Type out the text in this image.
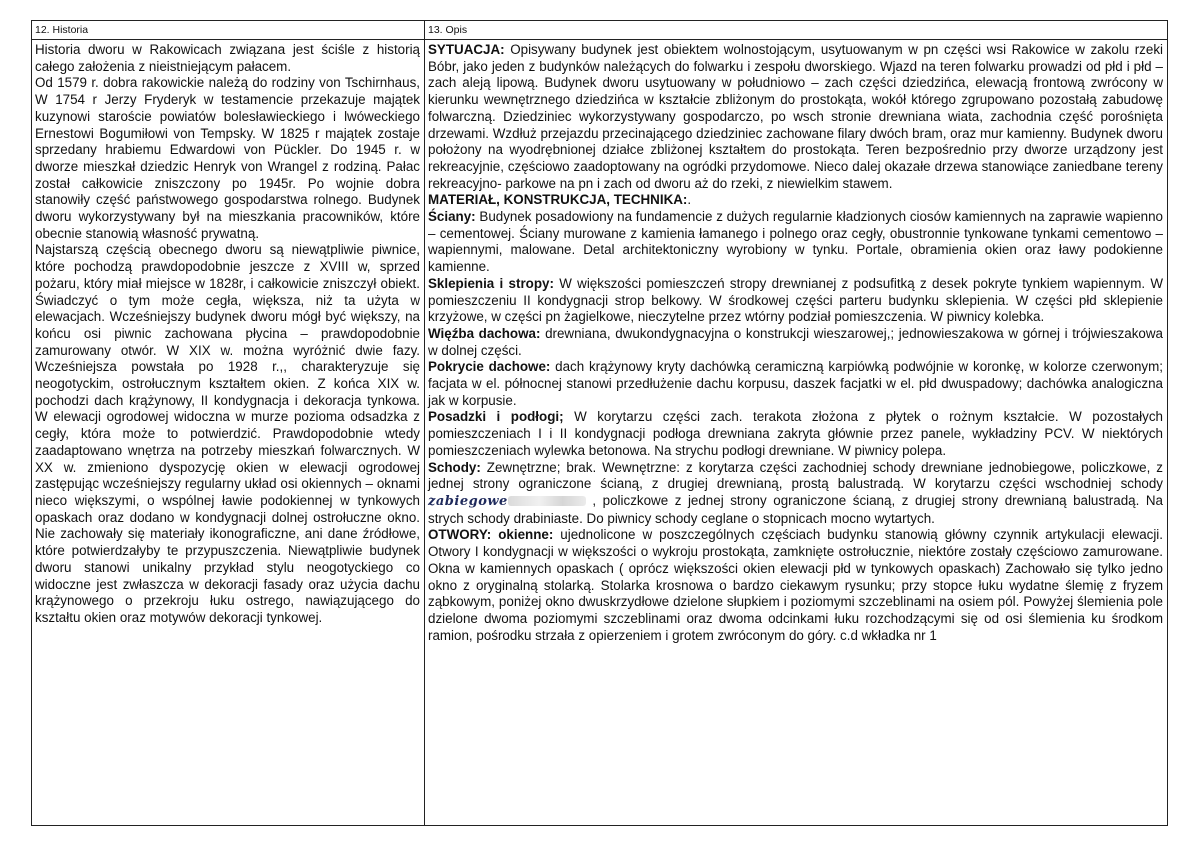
12. Historia

Historia dworu w Rakowicach związana jest ściśle z historią całego założenia z nieistniejącym pałacem.

Od 1579 r. dobra rakowickie należą do rodziny von Tschirnhaus, W 1754 r Jerzy Fryderyk w testamencie przekazuje majątek kuzynowi staroście powiatów bolesławieckiego i lwóweckiego Ernestowi Bogumiłowi von Tempsky. W 1825 r majątek zostaje sprzedany hrabiemu Edwardowi von Pückler. Do 1945 r. w dworze mieszkał dziedzic Henryk von Wrangel z rodziną. Pałac został całkowicie zniszczony po 1945r. Po wojnie dobra stanowiły część państwowego gospodarstwa rolnego. Budynek dworu wykorzystywany był na mieszkania pracowników, które obecnie stanowią własność prywatną.

Najstarszą częścią obecnego dworu są niewątpliwie piwnice, które pochodzą prawdopodobnie jeszcze z XVIII w, sprzed pożaru, który miał miejsce w 1828r, i całkowicie zniszczył obiekt. Świadczyć o tym może cegła, większa, niż ta użyta w elewacjach. Wcześniejszy budynek dworu mógł być większy, na końcu osi piwnic zachowana płycina – prawdopodobnie zamurowany otwór. W XIX w. można wyróżnić dwie fazy. Wcześniejsza powstała po 1928 r.,, charakteryzuje się neogotyckim, ostrołucznym kształtem okien. Z końca XIX w. pochodzi dach krążynowy, II kondygnacja i dekoracja tynkowa. W elewacji ogrodowej widoczna w murze pozioma odsadzka z cegły, która może to potwierdzić. Prawdopodobnie wtedy zaadaptowano wnętrza na potrzeby mieszkań folwarcznych. W XX w. zmieniono dyspozycję okien w elewacji ogrodowej zastępując wcześniejszy regularny układ osi okiennych – oknami nieco większymi, o wspólnej ławie podokiennej w tynkowych opaskach oraz dodano w kondygnacji dolnej ostrołuczne okno. Nie zachowały się materiały ikonograficzne, ani dane źródłowe, które potwierdzałyby te przypuszczenia. Niewątpliwie budynek dworu stanowi unikalny przykład stylu neogotyckiego co widoczne jest zwłaszcza w dekoracji fasady oraz użycia dachu krążynowego o przekroju łuku ostrego, nawiązującego do kształtu okien oraz motywów dekoracji tynkowej.

13. Opis

SYTUACJA: Opisywany budynek jest obiektem wolnostojącym, usytuowanym w pn części wsi Rakowice w zakolu rzeki Bóbr, jako jeden z budynków należących do folwarku i zespołu dworskiego. Wjazd na teren folwarku prowadzi od płd i płd – zach aleją lipową. Budynek dworu usytuowany w południowo – zach części dziedzińca, elewacją frontową zwrócony w kierunku wewnętrznego dziedzińca w kształcie zbliżonym do prostokąta, wokół którego zgrupowano pozostałą zabudowę folwarczną. Dziedziniec wykorzystywany gospodarczo, po wsch stronie drewniana wiata, zachodnia część porośnięta drzewami. Wzdłuż przejazdu przecinającego dziedziniec zachowane filary dwóch bram, oraz mur kamienny. Budynek dworu położony na wyodrębnionej działce zbliżonej kształtem do prostokąta. Teren bezpośrednio przy dworze urządzony jest rekreacyjnie, częściowo zaadoptowany na ogródki przydomowe. Nieco dalej okazałe drzewa stanowiące zaniedbane tereny rekreacyjno- parkowe na pn i zach od dworu aż do rzeki, z niewielkim stawem.

MATERIAŁ, KONSTRUKCJA, TECHNIKA:.

Ściany: Budynek posadowiony na fundamencie z dużych regularnie kładzionych ciosów kamiennych na zaprawie wapienno – cementowej. Ściany murowane z kamienia łamanego i polnego oraz cegły, obustronnie tynkowane tynkami cementowo – wapiennymi, malowane. Detal architektoniczny wyrobiony w tynku. Portale, obramienia okien oraz ławy podokienne kamienne.

Sklepienia i stropy: W większości pomieszczeń stropy drewnianej z podsufitką z desek pokryte tynkiem wapiennym. W pomieszczeniu II kondygnacji strop belkowy. W środkowej części parteru budynku sklepienia. W części płd sklepienie krzyżowe, w części pn żagielkowe, nieczytelne przez wtórny podział pomieszczenia. W piwnicy kolebka.

Więźba dachowa: drewniana, dwukondygnacyjna o konstrukcji wieszarowej,; jednowieszakowa w górnej i trójwieszakowa w dolnej części.

Pokrycie dachowe: dach krążynowy kryty dachówką ceramiczną karpiówką podwójnie w koronkę, w kolorze czerwonym; facjata w el. północnej stanowi przedłużenie dachu korpusu, daszek facjatki w el. płd dwuspadowy; dachówka analogiczna jak w korpusie.

Posadzki i podłogi; W korytarzu części zach. terakota złożona z płytek o rożnym kształcie. W pozostałych pomieszczeniach I i II kondygnacji podłoga drewniana zakryta głównie przez panele, wykładziny PCV. W niektórych pomieszczeniach wylewka betonowa. Na strychu podłogi drewniane. W piwnicy polepa.

Schody: Zewnętrzne; brak. Wewnętrzne: z korytarza części zachodniej schody drewniane jednobiegowe, policzkowe, z jednej strony ograniczone ścianą, z drugiej drewnianą, prostą balustradą. W korytarzu części wschodniej schody zabiegowe	, policzkowe z jednej strony ograniczone ścianą, z drugiej strony drewnianą balustradą. Na strych schody drabiniaste. Do piwnicy schody ceglane o stopnicach mocno wytartych.

OTWORY: okienne: ujednolicone w poszczególnych częściach budynku stanowią główny czynnik artykulacji elewacji. Otwory I kondygnacji w większości o wykroju prostokąta, zamknięte ostrołucznie, niektóre zostały częściowo zamurowane. Okna w kamiennych opaskach ( oprócz większości okien elewacji płd w tynkowych opaskach) Zachowało się tylko jedno okno z oryginalną stolarką. Stolarka krosnowa o bardzo ciekawym rysunku; przy stopce łuku wydatne ślemię z fryzem ząbkowym, poniżej okno dwuskrzydłowe dzielone słupkiem i poziomymi szczeblinami na osiem pól. Powyżej ślemienia pole dzielone dwoma poziomymi szczeblinami oraz dwoma odcinkami łuku rozchodzącymi się od osi ślemienia ku środkom ramion, pośrodku strzała z opierzeniem i grotem zwróconym do góry. c.d wkładka nr 1
